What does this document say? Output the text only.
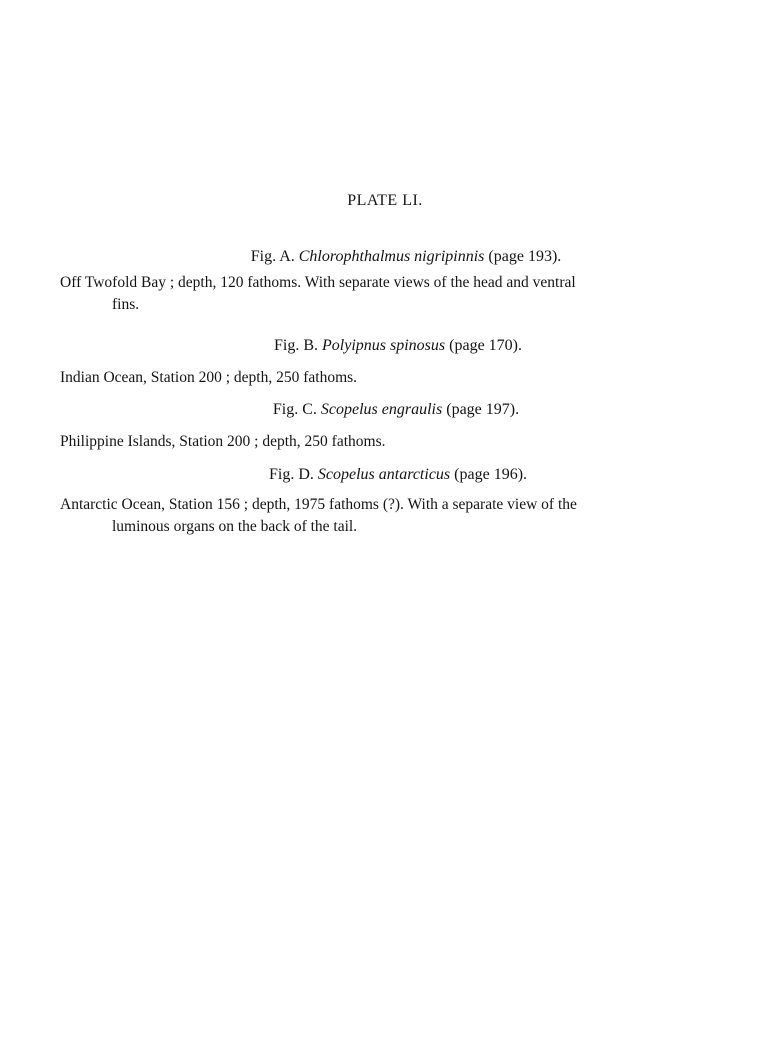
PLATE LI.
Fig. A. Chlorophthalmus nigripinnis (page 193).
Off Twofold Bay ; depth, 120 fathoms. With separate views of the head and ventral
fins.
Fig. B. Polyipnus spinosus (page 170).
Indian Ocean, Station 200 ; depth, 250 fathoms.
Fig. C. Scopelus engraulis (page 197).
Philippine Islands, Station 200 ; depth, 250 fathoms.
Fig. D. Scopelus antarcticus (page 196).
Antarctic Ocean, Station 156 ; depth, 1975 fathoms (?). With a separate view of the
luminous organs on the back of the tail.
